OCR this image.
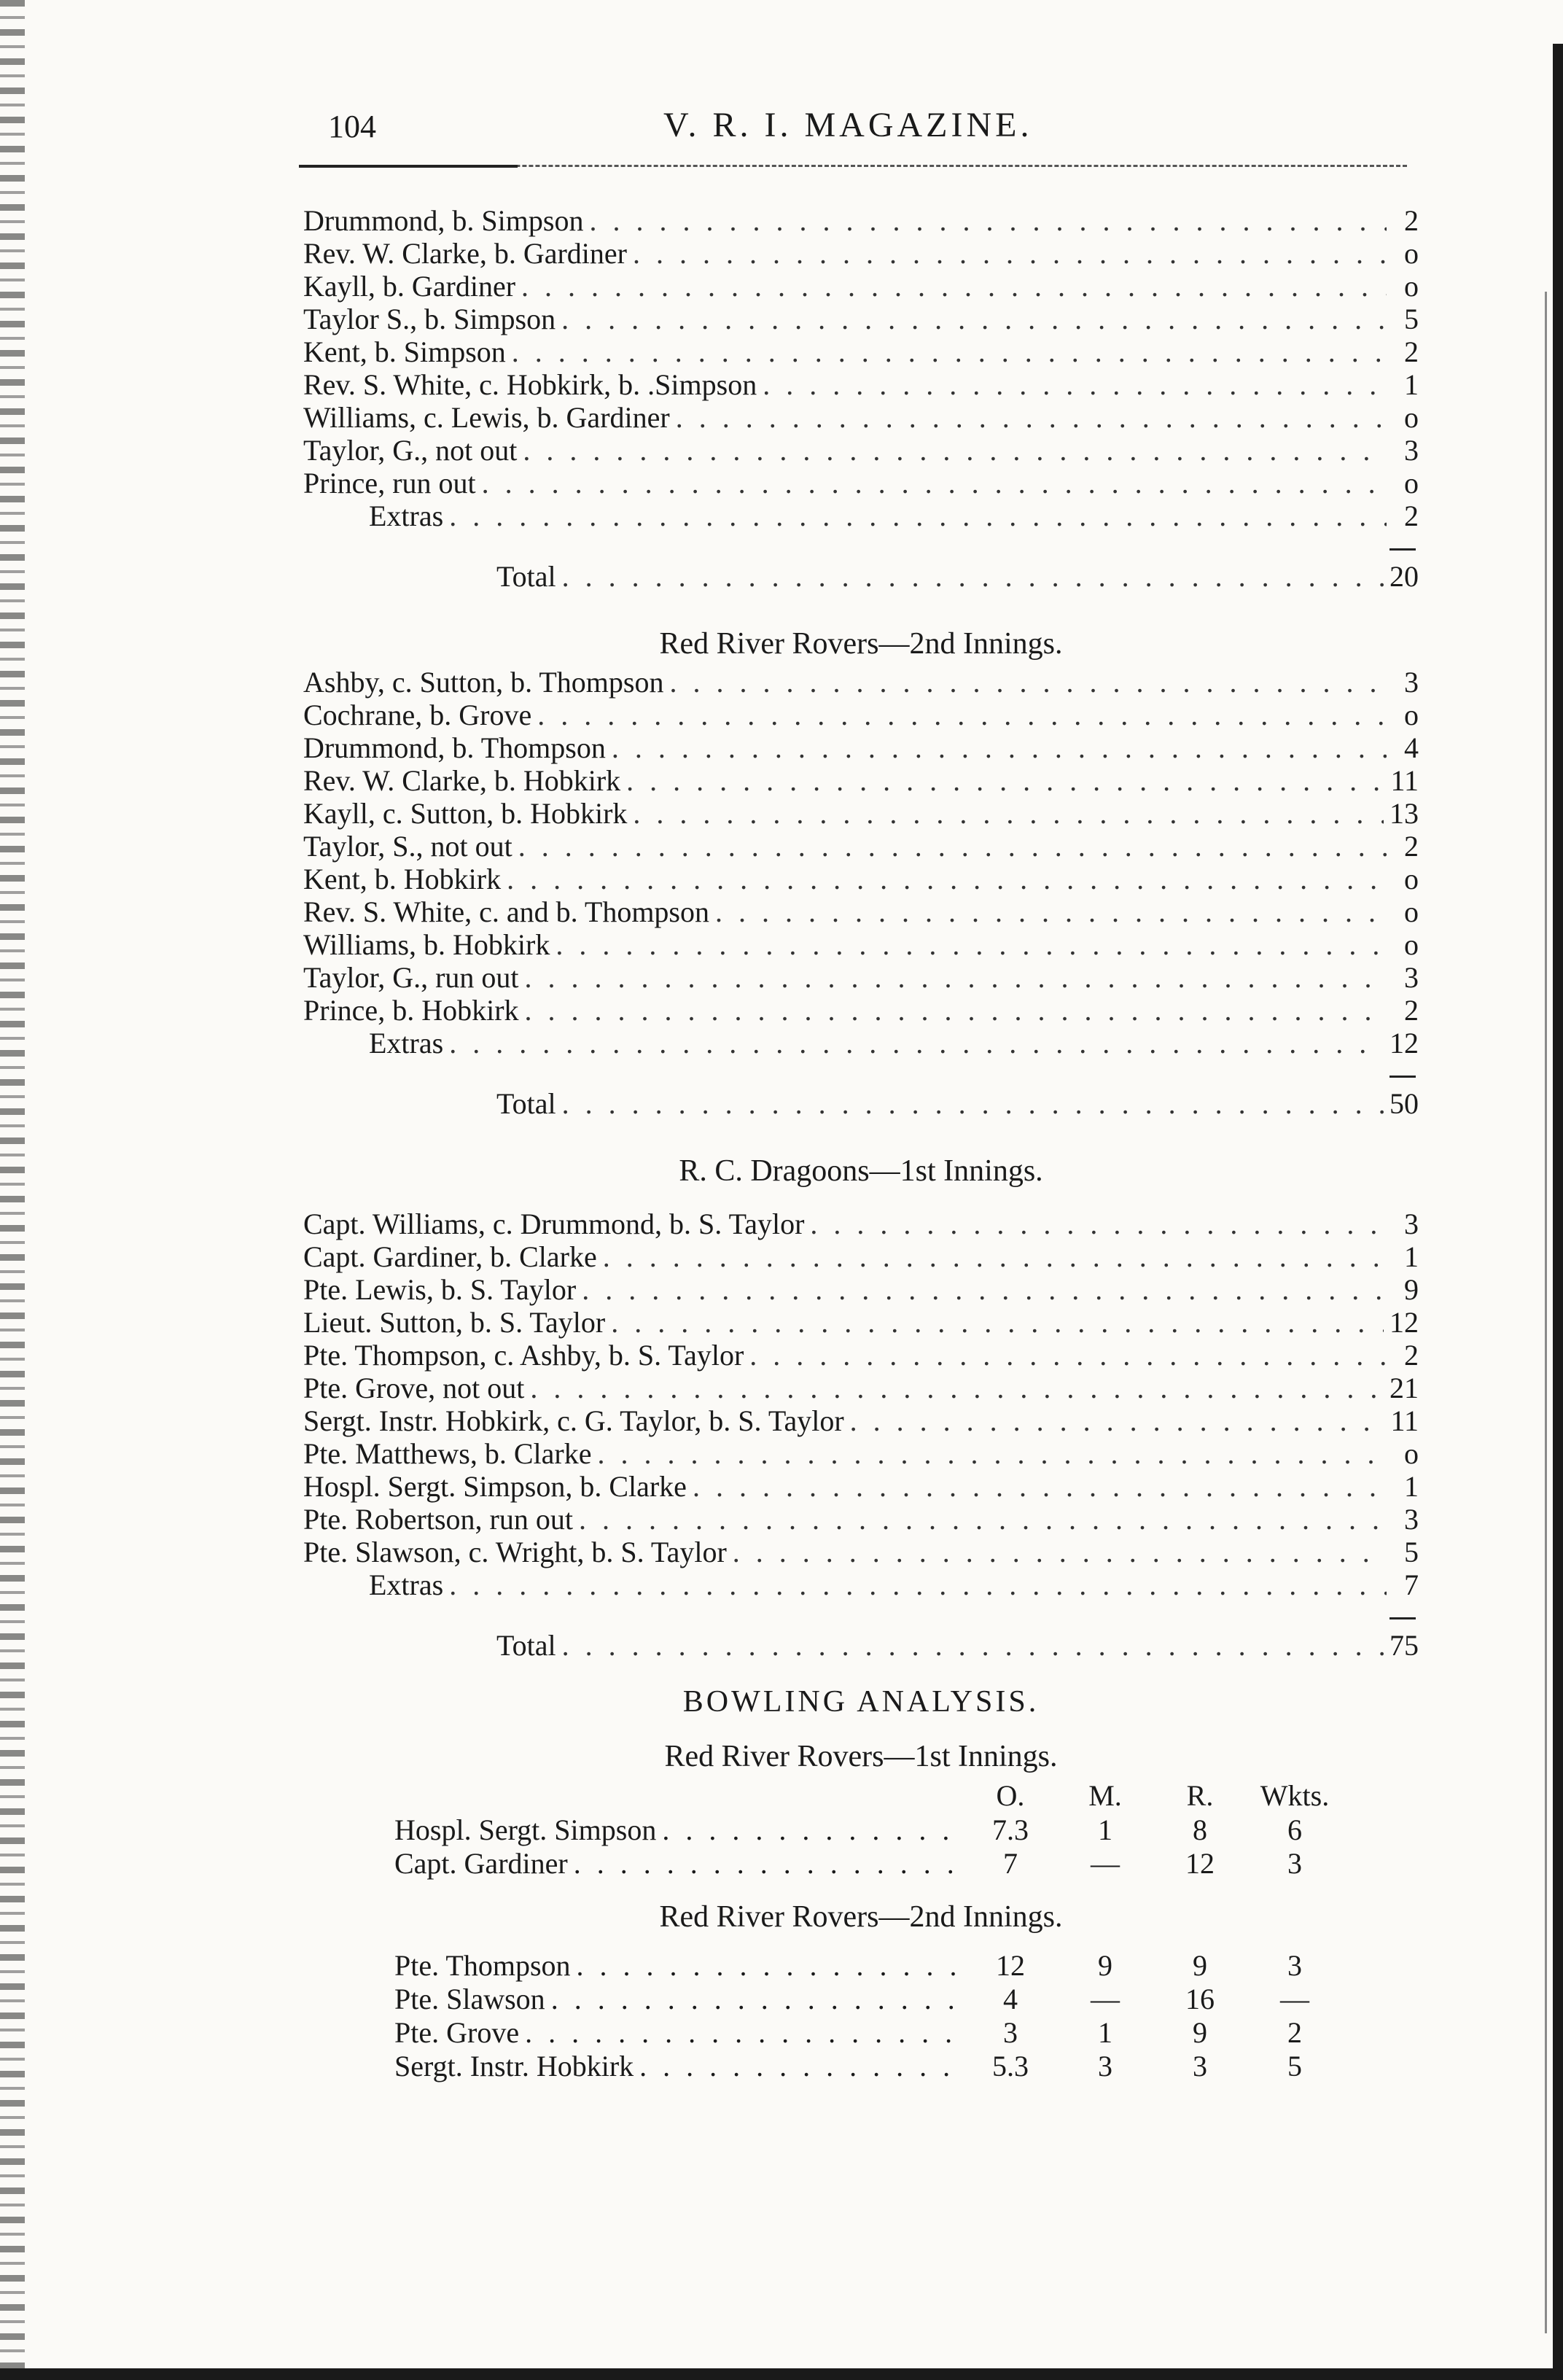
104	V. R. I. MAGAZINE.
Drummond, b. Simpson . . .	2
Rev. W. Clarke, b. Gardiner . . .	o
Kayll, b. Gardiner . . .	o
Taylor S., b. Simpson . . .	5
Kent, b. Simpson . . .	2
Rev. S. White, c. Hobkirk, b. .Simpson . . .	1
Williams, c. Lewis, b. Gardiner . . .	o
Taylor, G., not out . . .	3
Prince, run out . . .	o
Extras . . .	2
Total . . .	20
Red River Rovers—2nd Innings.
Ashby, c. Sutton, b. Thompson . . .	3
Cochrane, b. Grove . . .	o
Drummond, b. Thompson . . .	4
Rev. W. Clarke, b. Hobkirk . . .	11
Kayll, c. Sutton, b. Hobkirk . . .	13
Taylor, S., not out . . .	2
Kent, b. Hobkirk . . .	o
Rev. S. White, c. and b. Thompson . . .	o
Williams, b. Hobkirk . . .	o
Taylor, G., run out . . .	3
Prince, b. Hobkirk . . .	2
Extras . . .	12
Total . . .	50
R. C. Dragoons—1st Innings.
Capt. Williams, c. Drummond, b. S. Taylor . . .	3
Capt. Gardiner, b. Clarke . . .	1
Pte. Lewis, b. S. Taylor . . .	9
Lieut. Sutton, b. S. Taylor . . .	12
Pte. Thompson, c. Ashby, b. S. Taylor . . .	2
Pte. Grove, not out . . .	21
Sergt. Instr. Hobkirk, c. G. Taylor, b. S. Taylor . . .	11
Pte. Matthews, b. Clarke . . .	o
Hospl. Sergt. Simpson, b. Clarke . . .	1
Pte. Robertson, run out . . .	3
Pte. Slawson, c. Wright, b. S. Taylor . . .	5
Extras . . .	7
Total . . .	75
BOWLING ANALYSIS.
Red River Rovers—1st Innings.
O.	M.	R.	Wkts.
Hospl. Sergt. Simpson . . .	7.3	1	8	6
Capt. Gardiner . . .	7	—	12	3
Red River Rovers—2nd Innings.
Pte. Thompson . . .	12	9	9	3
Pte. Slawson . . .	4	—	16	—
Pte. Grove . . .	3	1	9	2
Sergt. Instr. Hobkirk . . .	5.3	3	3	5
